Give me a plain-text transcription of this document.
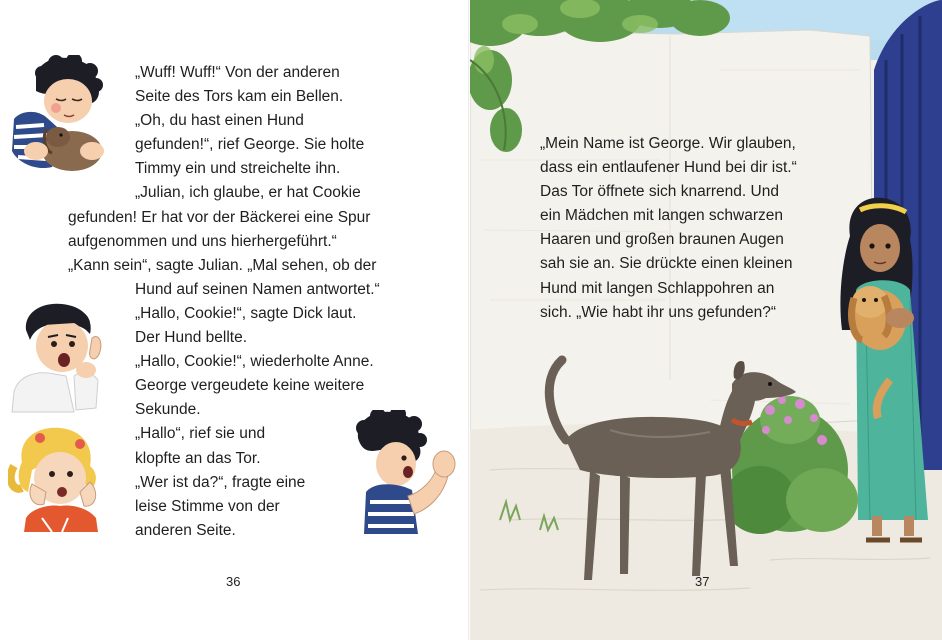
„Wuff! Wuff!“ Von der anderen
Seite des Tors kam ein Bellen.
„Oh, du hast einen Hund
gefunden!“, rief George. Sie holte
Timmy ein und streichelte ihn.
„Julian, ich glaube, er hat Cookie
gefunden! Er hat vor der Bäckerei eine Spur
aufgenommen und uns hierhergeführt.“
„Kann sein“, sagte Julian. „Mal sehen, ob der
Hund auf seinen Namen antwortet.“
„Hallo, Cookie!“, sagte Dick laut.
Der Hund bellte.
„Hallo, Cookie!“, wiederholte Anne.
George vergeudete keine weitere
Sekunde.
„Hallo“, rief sie und
klopfte an das Tor.
„Wer ist da?“, fragte eine
leise Stimme von der
anderen Seite.
36
„Mein Name ist George. Wir glauben,
dass ein entlaufener Hund bei dir ist.“
Das Tor öffnete sich knarrend. Und
ein Mädchen mit langen schwarzen
Haaren und großen braunen Augen
sah sie an. Sie drückte einen kleinen
Hund mit langen Schlappohren an
sich. „Wie habt ihr uns gefunden?“
37
